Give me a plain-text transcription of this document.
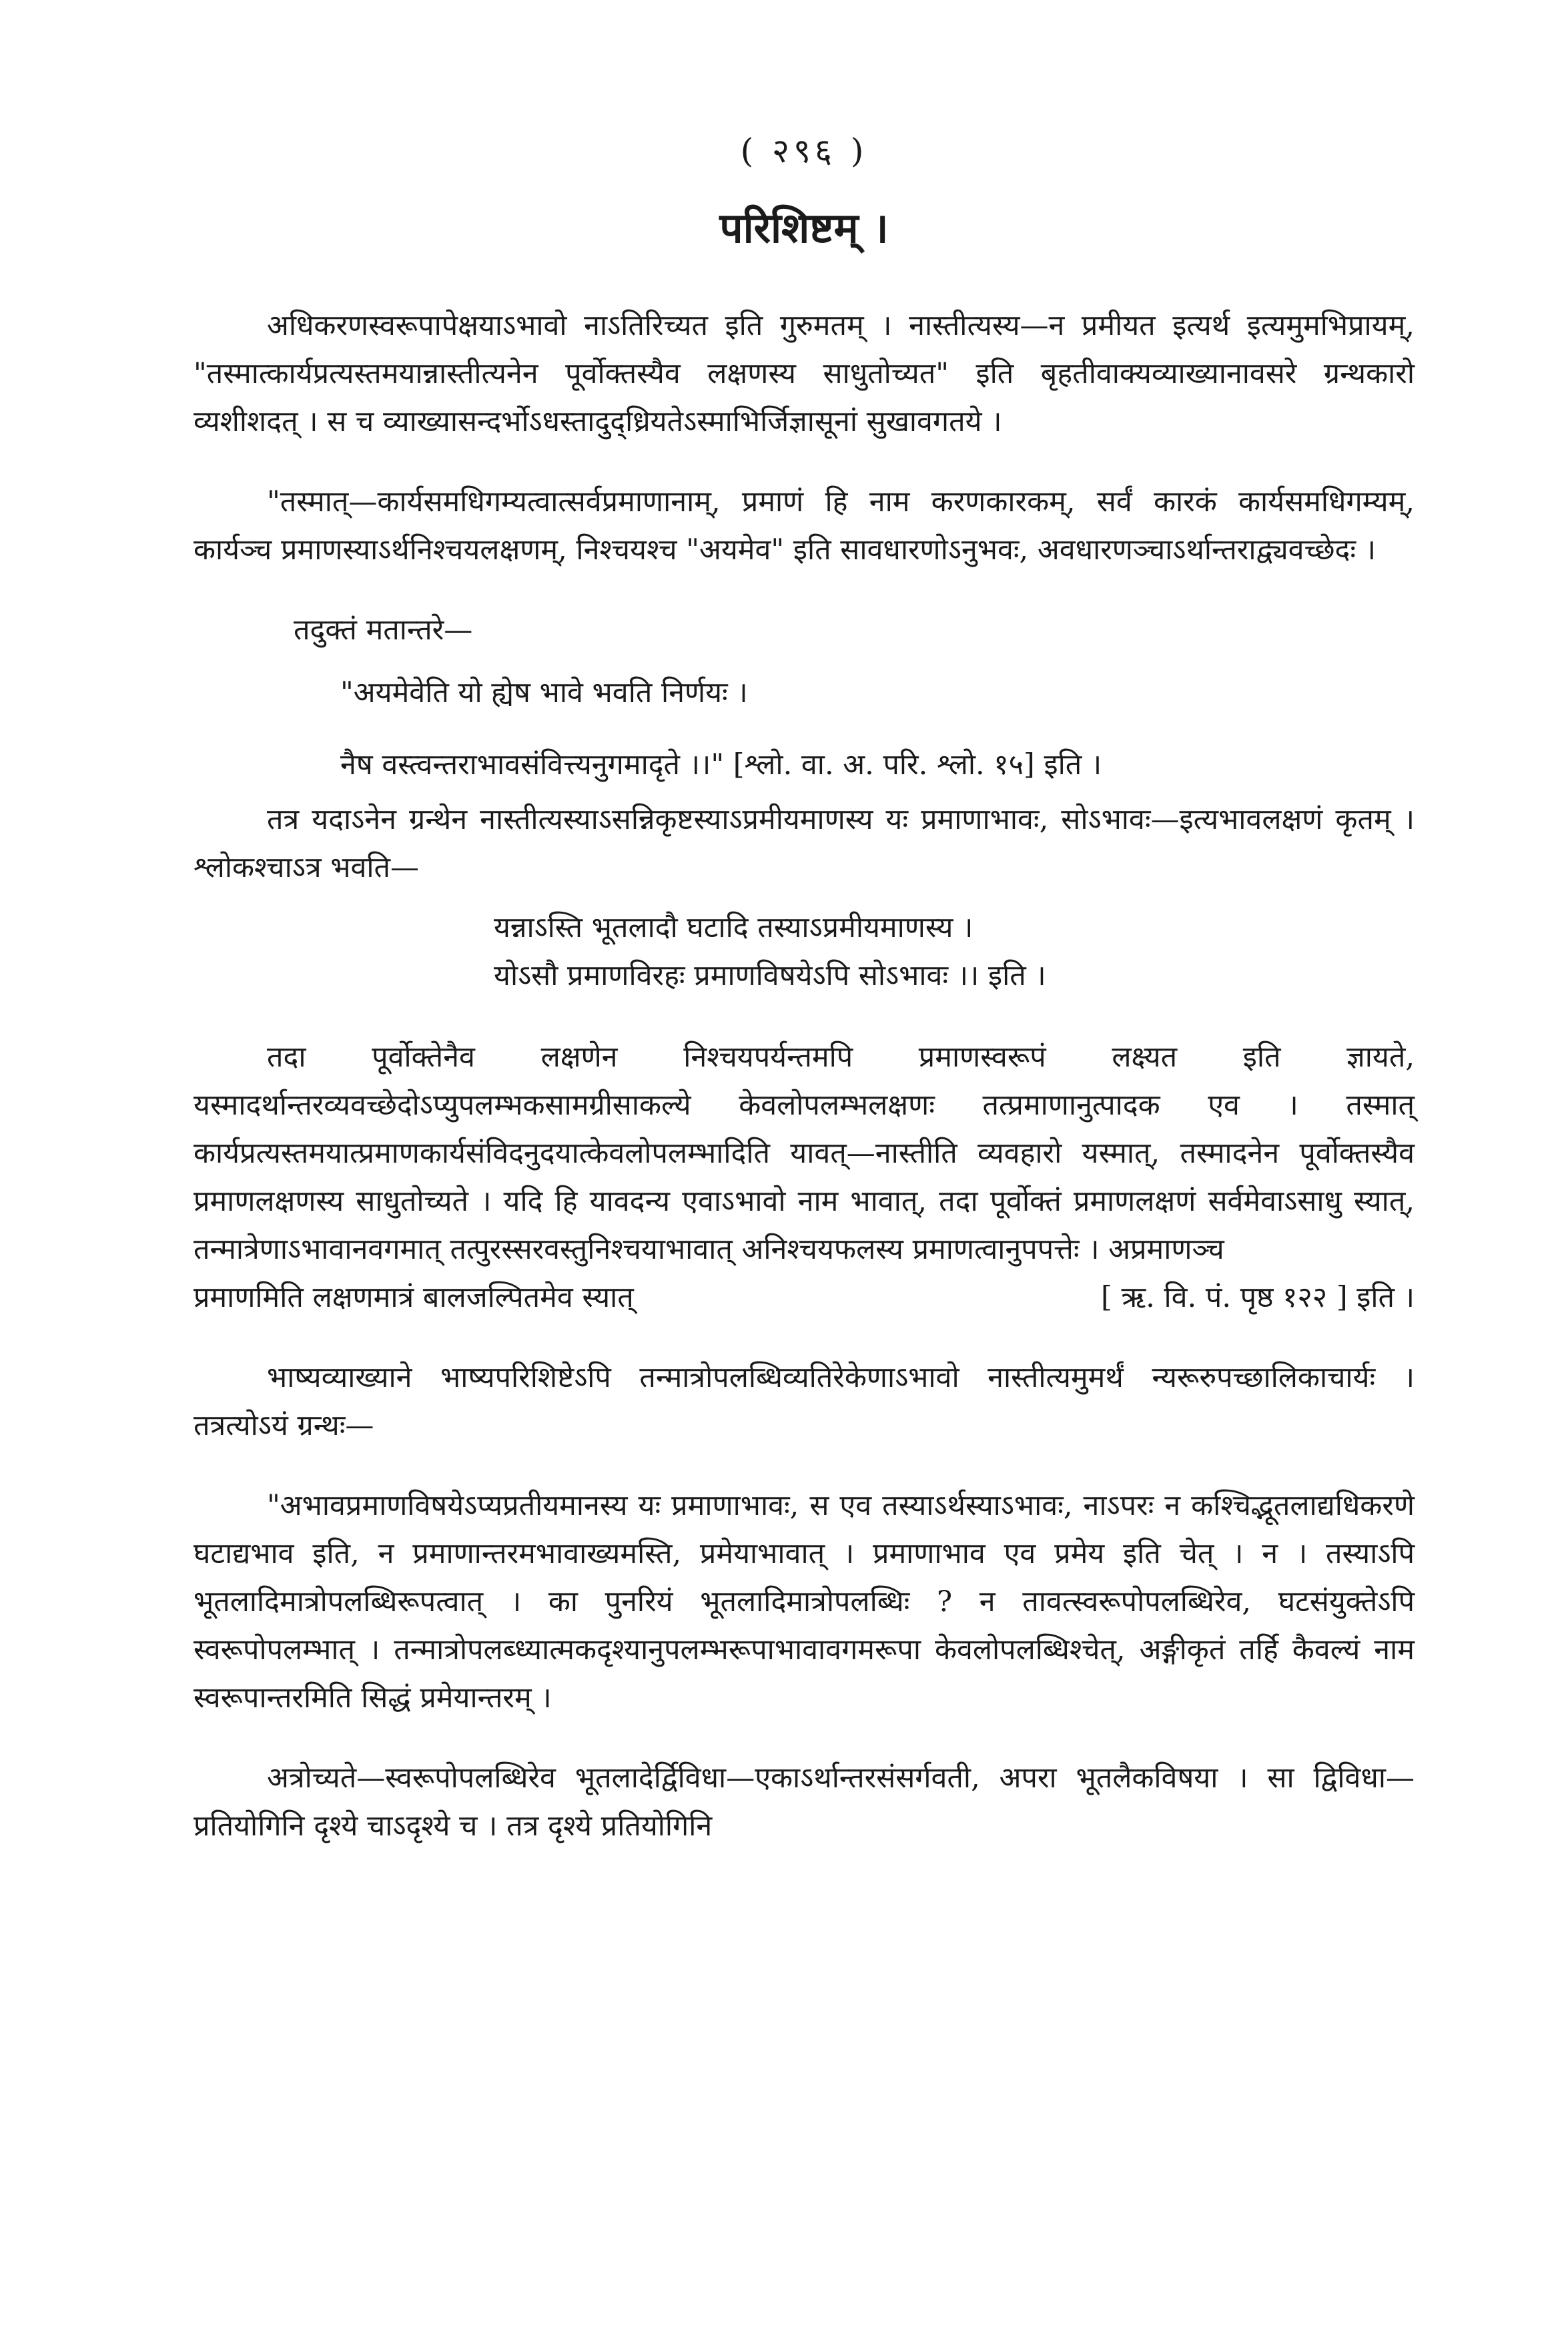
( २९६ )
परिशिष्टम् ।

अधिकरणस्वरूपापेक्षयाऽभावो नाऽतिरिच्यत इति गुरुमतम् । नास्तीत्यस्य—न प्रमीयत इत्यर्थ इत्यमुमभिप्रायम्, "तस्मात्कार्यप्रत्यस्तमयान्नास्तीत्यनेन पूर्वोक्तस्यैव लक्षणस्य साधुतोच्यत" इति बृहतीवाक्यव्याख्यानावसरे ग्रन्थकारो व्यशीशदत् । स च व्याख्यासन्दर्भोऽधस्तादुद्ध्रियतेऽस्माभिर्जिज्ञासूनां सुखावगतये ।

"तस्मात्—कार्यसमधिगम्यत्वात्सर्वप्रमाणानाम्, प्रमाणं हि नाम करणकारकम्, सर्वं कारकं कार्यसमधिगम्यम्, कार्यञ्च प्रमाणस्याऽर्थनिश्चयलक्षणम्, निश्चयश्च "अयमेव" इति सावधारणोऽनुभवः, अवधारणञ्चाऽर्थान्तराद्व्यवच्छेदः ।

तदुक्तं मतान्तरे—
"अयमेवेति यो ह्येष भावे भवति निर्णयः ।
नैष वस्त्वन्तराभावसंवित्त्यनुगमादृते ।।" [श्लो. वा. अ. परि. श्लो. १५] इति ।

तत्र यदाऽनेन ग्रन्थेन नास्तीत्यस्याऽसन्निकृष्टस्याऽप्रमीयमाणस्य यः प्रमाणाभावः, सोऽभावः—इत्यभावलक्षणं कृतम् । श्लोकश्चाऽत्र भवति—

यन्नाऽस्ति भूतलादौ घटादि तस्याऽप्रमीयमाणस्य ।
योऽसौ प्रमाणविरहः प्रमाणविषयेऽपि सोऽभावः ।। इति ।

तदा पूर्वोक्तेनैव लक्षणेन निश्चयपर्यन्तमपि प्रमाणस्वरूपं लक्ष्यत इति ज्ञायते, यस्मादर्थान्तरव्यवच्छेदोऽप्युपलम्भकसामग्रीसाकल्ये केवलोपलम्भलक्षणः तत्प्रमाणानुत्पादक एव । तस्मात् कार्यप्रत्यस्तमयात्प्रमाणकार्यसंविदनुदयात्केवलोपलम्भादिति यावत्—नास्तीति व्यवहारो यस्मात्, तस्मादनेन पूर्वोक्तस्यैव प्रमाणलक्षणस्य साधुतोच्यते । यदि हि यावदन्य एवाऽभावो नाम भावात्, तदा पूर्वोक्तं प्रमाणलक्षणं सर्वमेवाऽसाधु स्यात्, तन्मात्रेणाऽभावानवगमात् तत्पुरस्सरवस्तुनिश्चयाभावात् अनिश्चयफलस्य प्रमाणत्वानुपपत्तेः । अप्रमाणञ्च

प्रमाणमिति लक्षणमात्रं बालजल्पितमेव स्यात्	[ ऋ. वि. पं. पृष्ठ १२२ ] इति ।

भाष्यव्याख्याने भाष्यपरिशिष्टेऽपि तन्मात्रोपलब्धिव्यतिरेकेणाऽभावो नास्तीत्यमुमर्थं न्यरूरुपच्छालिकाचार्यः । तत्रत्योऽयं ग्रन्थः—

"अभावप्रमाणविषयेऽप्यप्रतीयमानस्य यः प्रमाणाभावः, स एव तस्याऽर्थस्याऽभावः, नाऽपरः न कश्चिद्भूतलाद्यधिकरणे घटाद्यभाव इति, न प्रमाणान्तरमभावाख्यमस्ति, प्रमेयाभावात् । प्रमाणाभाव एव प्रमेय इति चेत् । न । तस्याऽपि भूतलादिमात्रोपलब्धिरूपत्वात् । का पुनरियं भूतलादिमात्रोपलब्धिः ? न तावत्स्वरूपोपलब्धिरेव, घटसंयुक्तेऽपि स्वरूपोपलम्भात् । तन्मात्रोपलब्ध्यात्मकदृश्यानुपलम्भरूपाभावावगमरूपा केवलोपलब्धिश्चेत्, अङ्गीकृतं तर्हि कैवल्यं नाम स्वरूपान्तरमिति सिद्धं प्रमेयान्तरम् ।

अत्रोच्यते—स्वरूपोपलब्धिरेव भूतलादेर्द्विविधा—एकाऽर्थान्तरसंसर्गवती, अपरा भूतलैकविषया । सा द्विविधा—प्रतियोगिनि दृश्ये चाऽदृश्ये च । तत्र दृश्ये प्रतियोगिनि
